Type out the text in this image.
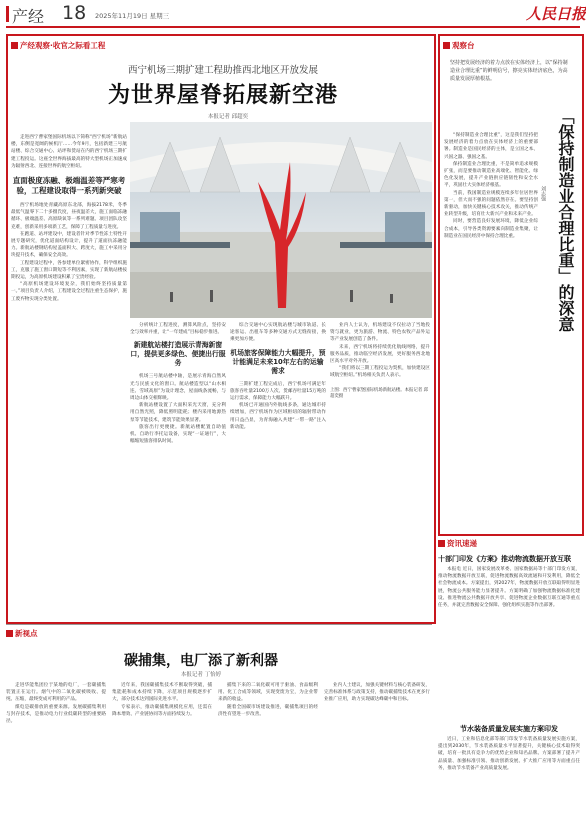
产经 18 2025年11月19日 星期三	人民日报
产经观察·收官之际看工程
西宁机场三期扩建工程助推西北地区开放发展
为世界屋脊拓展新空港
本报记者 邱超奕

走进西宁曹家堡国际机场以下简称“西宁机场”新航站楼，东侧是宽阔的候机厅……今年9月，包括新建三号航站楼、综合交通中心、站坪和货站在内的西宁机场三期扩建工程投运。这座全世界海拔最高的特大型机场正加速成为辐射西北、连接世界的航空枢纽。

直面极度冻融、极端温差等严寒考验，工程建设取得一系列新突破

西宁机场地处青藏高原东北部，海拔2178米，冬季最低气温零下二十多摄氏度，昼夜温差大，施工面临冻融循环、极端温差、高原缺氧等一系列难题。项目团队攻坚克难，创新采用多项新工艺，保障了工程质量与进度。

在跑道、站坪建设中，建设者针对季节性冻土特性开展专题研究，优化道面结构设计，提升了道面抗冻融能力。新航站楼钢结构屋盖面积大、跨度大，施工中采用分块提升技术，确保安全高效。

工程建设过程中，各参建单位紧密协作，科学组织施工，克服了施工窗口期短等不利因素，实现了新航站楼按期投运，为高原机场建设积累了宝贵经验。

“高原机场建设环境复杂，我们始终坚持质量第一。”项目负责人介绍，工程建设全过程注重生态保护，施工废弃物实现分类处置。

分析统计工程进度，测算风险点，坚持安全与效率并重，让“一年建成”目标稳步推进。

新建航站楼打造展示青海新窗口，提供更多绿色、便捷出行服务

机场三号航站楼中轴，是展示青海自然风光与民族文化的窗口。航站楼造型以“山水相连、雪域高原”为设计理念，屋面线条流畅，与周边山体交相辉映。

新航站楼设置了大面积采光天窗，充分利用自然光照，降低照明能耗；楼内采用地源热泵等节能技术，建筑节能效果显著。

旅客出行更便捷。新航站楼配置自助值机、自助行李托运设备，实现“一证通行”，大幅缩短旅客排队时间。

综合交通中心实现航站楼与城市轨道、长途客运、出租车等多种交通方式无缝衔接，换乘更加方便。

机场旅客保障能力大幅提升，预计能满足未来10年左右的运输需求

三期扩建工程完成后，西宁机场可满足年旅客吞吐量2100万人次、货邮吞吐量15万吨的运行需求，保障能力大幅跃升。

机场已开通国内外航线多条，通达城市持续增加，西宁机场作为区域枢纽的辐射带动作用日益凸显，为青海融入共建“一带一路”注入新动能。

业内人士认为，机场建设不仅拉动了当地投资与就业，更为旅游、物流、特色农牧产品外运等产业发展创造了条件。

未来，西宁机场将持续优化航线网络，提升服务品质，推动临空经济发展，更好服务西北地区高水平对外开放。

“我们将以三期工程投运为契机，加快建设区域航空枢纽。”机场相关负责人表示。

上图：西宁曹家堡国际机场新航站楼。本报记者 邱超奕摄
新视点
碳捕集，电厂添了新利器
本报记者 丁怡婷

走进华能集团位于某地的电厂，一套碳捕集装置正在运行。烟气中的二氧化碳被吸收、提纯、压缩，最终变成可利用的产品。

煤电是碳排放的重要来源。发展碳捕集利用与封存技术，是推动电力行业低碳转型的重要路径。

近年来，我国碳捕集技术不断取得突破，捕集能耗和成本持续下降，示范项目规模逐步扩大，部分技术达到国际先进水平。

专家表示，推动碳捕集规模化应用，还需在降本增效、产业链协同等方面持续发力。

捕集下来的二氧化碳可用于驱油、食品级利用、化工合成等领域，实现变废为宝，为企业带来新的收益。

随着全国碳市场建设推进，碳捕集项目的经济性有望进一步改善。

业内人士建议，加强关键材料与核心装备研发，完善标准体系与政策支持，推动碳捕集技术在更多行业推广应用，助力实现碳达峰碳中和目标。

观察台
坚持把发展经济的着力点放在实体经济上，以“保持制造业合理比重”的鲜明信号，擦亮实体经济底色，为高质量发展厚植根基。
「保持制造业合理比重」的深意
刘志强

“保持制造业合理比重”，这是我们坚持把发展经济的着力点放在实体经济上的重要部署。制造业是国民经济的主体，是立国之本、兴国之器、强国之基。

保持制造业合理比重，不是简单追求规模扩张，而是要推动制造业高端化、智能化、绿色化发展，提升产业链供应链韧性和安全水平，巩固壮大实体经济根基。

当前，我国制造业规模连续多年位居世界第一，但大而不强的问题依然存在。要坚持创新驱动，加快关键核心技术攻关，推动传统产业转型升级，培育壮大新兴产业和未来产业。

同时，要营造良好发展环境，降低企业综合成本，引导各类资源要素向制造业集聚，让制造业在国民经济中保持合理比重。

资讯速递
十部门印发《方案》推动物流数据开放互联

本报电 近日，国家发展改革委、国家数据局等十部门印发方案，推动物流数据开放互联，促进物流数据高效流通和开发利用，降低全社会物流成本。方案提出，到2027年，物流数据开放互联取得明显进展，物流公共服务能力显著提升。方案明确了加强物流数据标准化建设、推进物流公共数据开放共享、促进物流企业数据互联互通等重点任务，并就完善数据安全保障、强化组织实施等作出部署。

节水装备质量发展实施方案印发

近日，工业和信息化部等部门印发节水装备质量发展实施方案，提出到2030年，节水装备质量水平显著提升，关键核心技术取得突破，培育一批具有竞争力的优势企业和知名品牌。方案部署了提升产品质量、加强标准引领、推动创新发展、扩大推广应用等方面重点任务，推动节水装备产业高质量发展。
